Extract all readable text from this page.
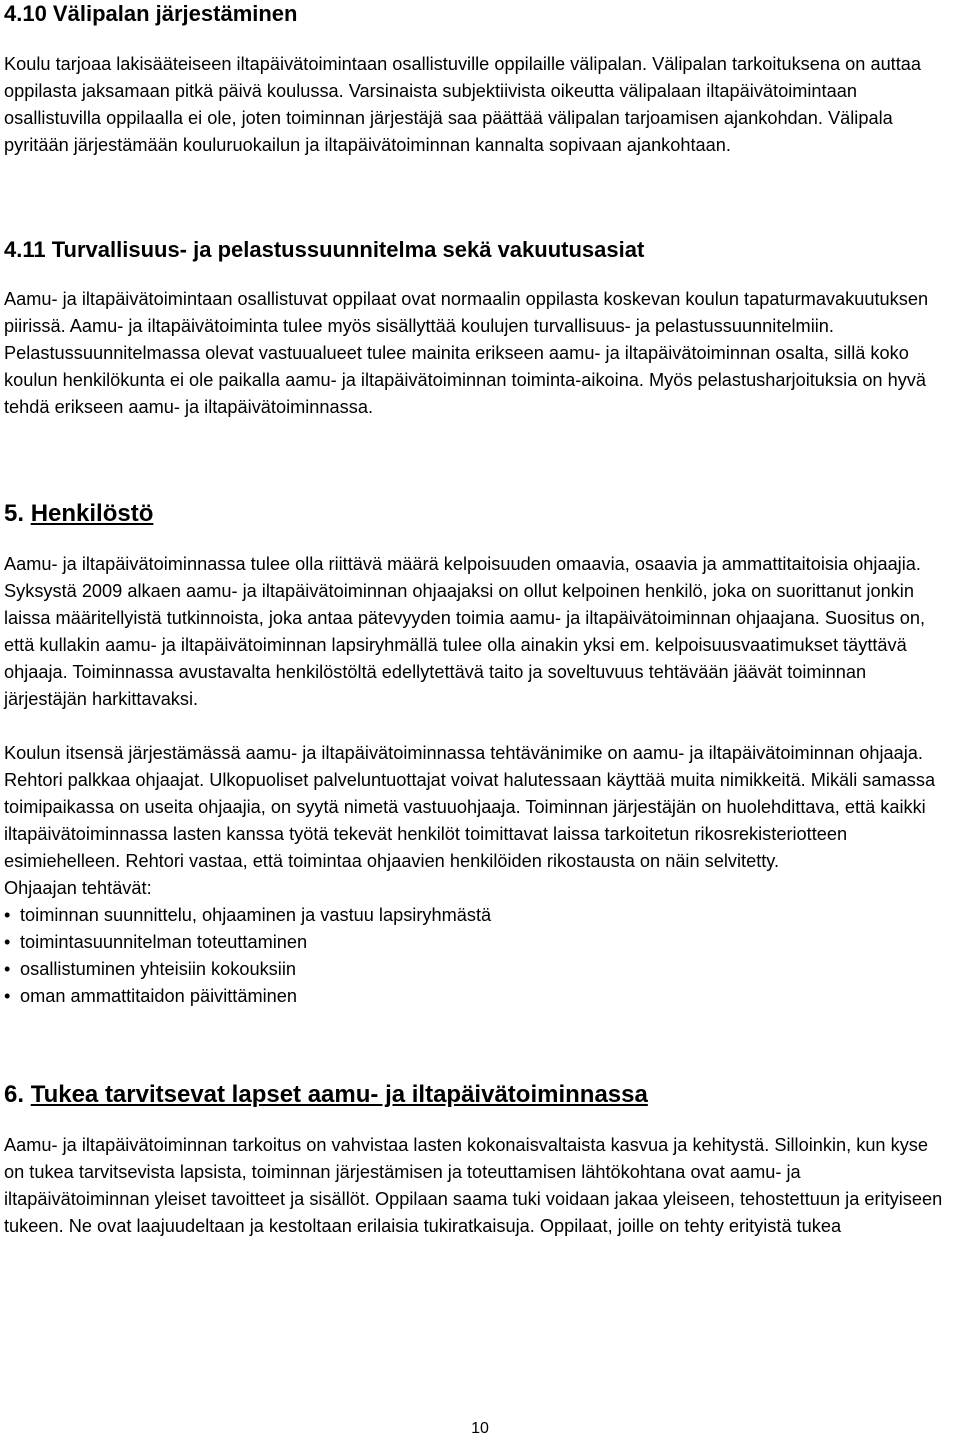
4.10 Välipalan järjestäminen

Koulu tarjoaa lakisääteiseen iltapäivätoimintaan osallistuville oppilaille välipalan. Välipalan tarkoituksena on auttaa oppilasta jaksamaan pitkä päivä koulussa. Varsinaista subjektiivista oikeutta välipalaan iltapäivätoimintaan osallistuvilla oppilaalla ei ole, joten toiminnan järjestäjä saa päättää välipalan tarjoamisen ajankohdan. Välipala pyritään järjestämään kouluruokailun ja iltapäivätoiminnan kannalta sopivaan ajankohtaan.

4.11 Turvallisuus- ja pelastussuunnitelma sekä vakuutusasiat

Aamu- ja iltapäivätoimintaan osallistuvat oppilaat ovat normaalin oppilasta koskevan koulun tapaturmavakuutuksen piirissä. Aamu- ja iltapäivätoiminta tulee myös sisällyttää koulujen turvallisuus- ja pelastussuunnitelmiin. Pelastussuunnitelmassa olevat vastuualueet tulee mainita erikseen aamu- ja iltapäivätoiminnan osalta, sillä koko koulun henkilökunta ei ole paikalla aamu- ja iltapäivätoiminnan toiminta-aikoina. Myös pelastusharjoituksia on hyvä tehdä erikseen aamu- ja iltapäivätoiminnassa.

5. Henkilöstö

Aamu- ja iltapäivätoiminnassa tulee olla riittävä määrä kelpoisuuden omaavia, osaavia ja ammattitaitoisia ohjaajia. Syksystä 2009 alkaen aamu- ja iltapäivätoiminnan ohjaajaksi on ollut kelpoinen henkilö, joka on suorittanut jonkin laissa määritellyistä tutkinnoista, joka antaa pätevyyden toimia aamu- ja iltapäivätoiminnan ohjaajana. Suositus on, että kullakin aamu- ja iltapäivätoiminnan lapsiryhmällä tulee olla ainakin yksi em. kelpoisuusvaatimukset täyttävä ohjaaja. Toiminnassa avustavalta henkilöstöltä edellytettävä taito ja soveltuvuus tehtävään jäävät toiminnan järjestäjän harkittavaksi.

Koulun itsensä järjestämässä aamu- ja iltapäivätoiminnassa tehtävänimike on aamu- ja iltapäivätoiminnan ohjaaja. Rehtori palkkaa ohjaajat. Ulkopuoliset palveluntuottajat voivat halutessaan käyttää muita nimikkeitä. Mikäli samassa toimipaikassa on useita ohjaajia, on syytä nimetä vastuuohjaaja. Toiminnan järjestäjän on huolehdittava, että kaikki iltapäivätoiminnassa lasten kanssa työtä tekevät henkilöt toimittavat laissa tarkoitetun rikosrekisteriotteen esimiehelleen. Rehtori vastaa, että toimintaa ohjaavien henkilöiden rikostausta on näin selvitetty.

Ohjaajan tehtävät:

• toiminnan suunnittelu, ohjaaminen ja vastuu lapsiryhmästä
• toimintasuunnitelman toteuttaminen
• osallistuminen yhteisiin kokouksiin
• oman ammattitaidon päivittäminen
6. Tukea tarvitsevat lapset aamu- ja iltapäivätoiminnassa

Aamu- ja iltapäivätoiminnan tarkoitus on vahvistaa lasten kokonaisvaltaista kasvua ja kehitystä. Silloinkin, kun kyse on tukea tarvitsevista lapsista, toiminnan järjestämisen ja toteuttamisen lähtökohtana ovat aamu- ja iltapäivätoiminnan yleiset tavoitteet ja sisällöt. Oppilaan saama tuki voidaan jakaa yleiseen, tehostettuun ja erityiseen tukeen. Ne ovat laajuudeltaan ja kestoltaan erilaisia tukiratkaisuja. Oppilaat, joille on tehty erityistä tukea

10
